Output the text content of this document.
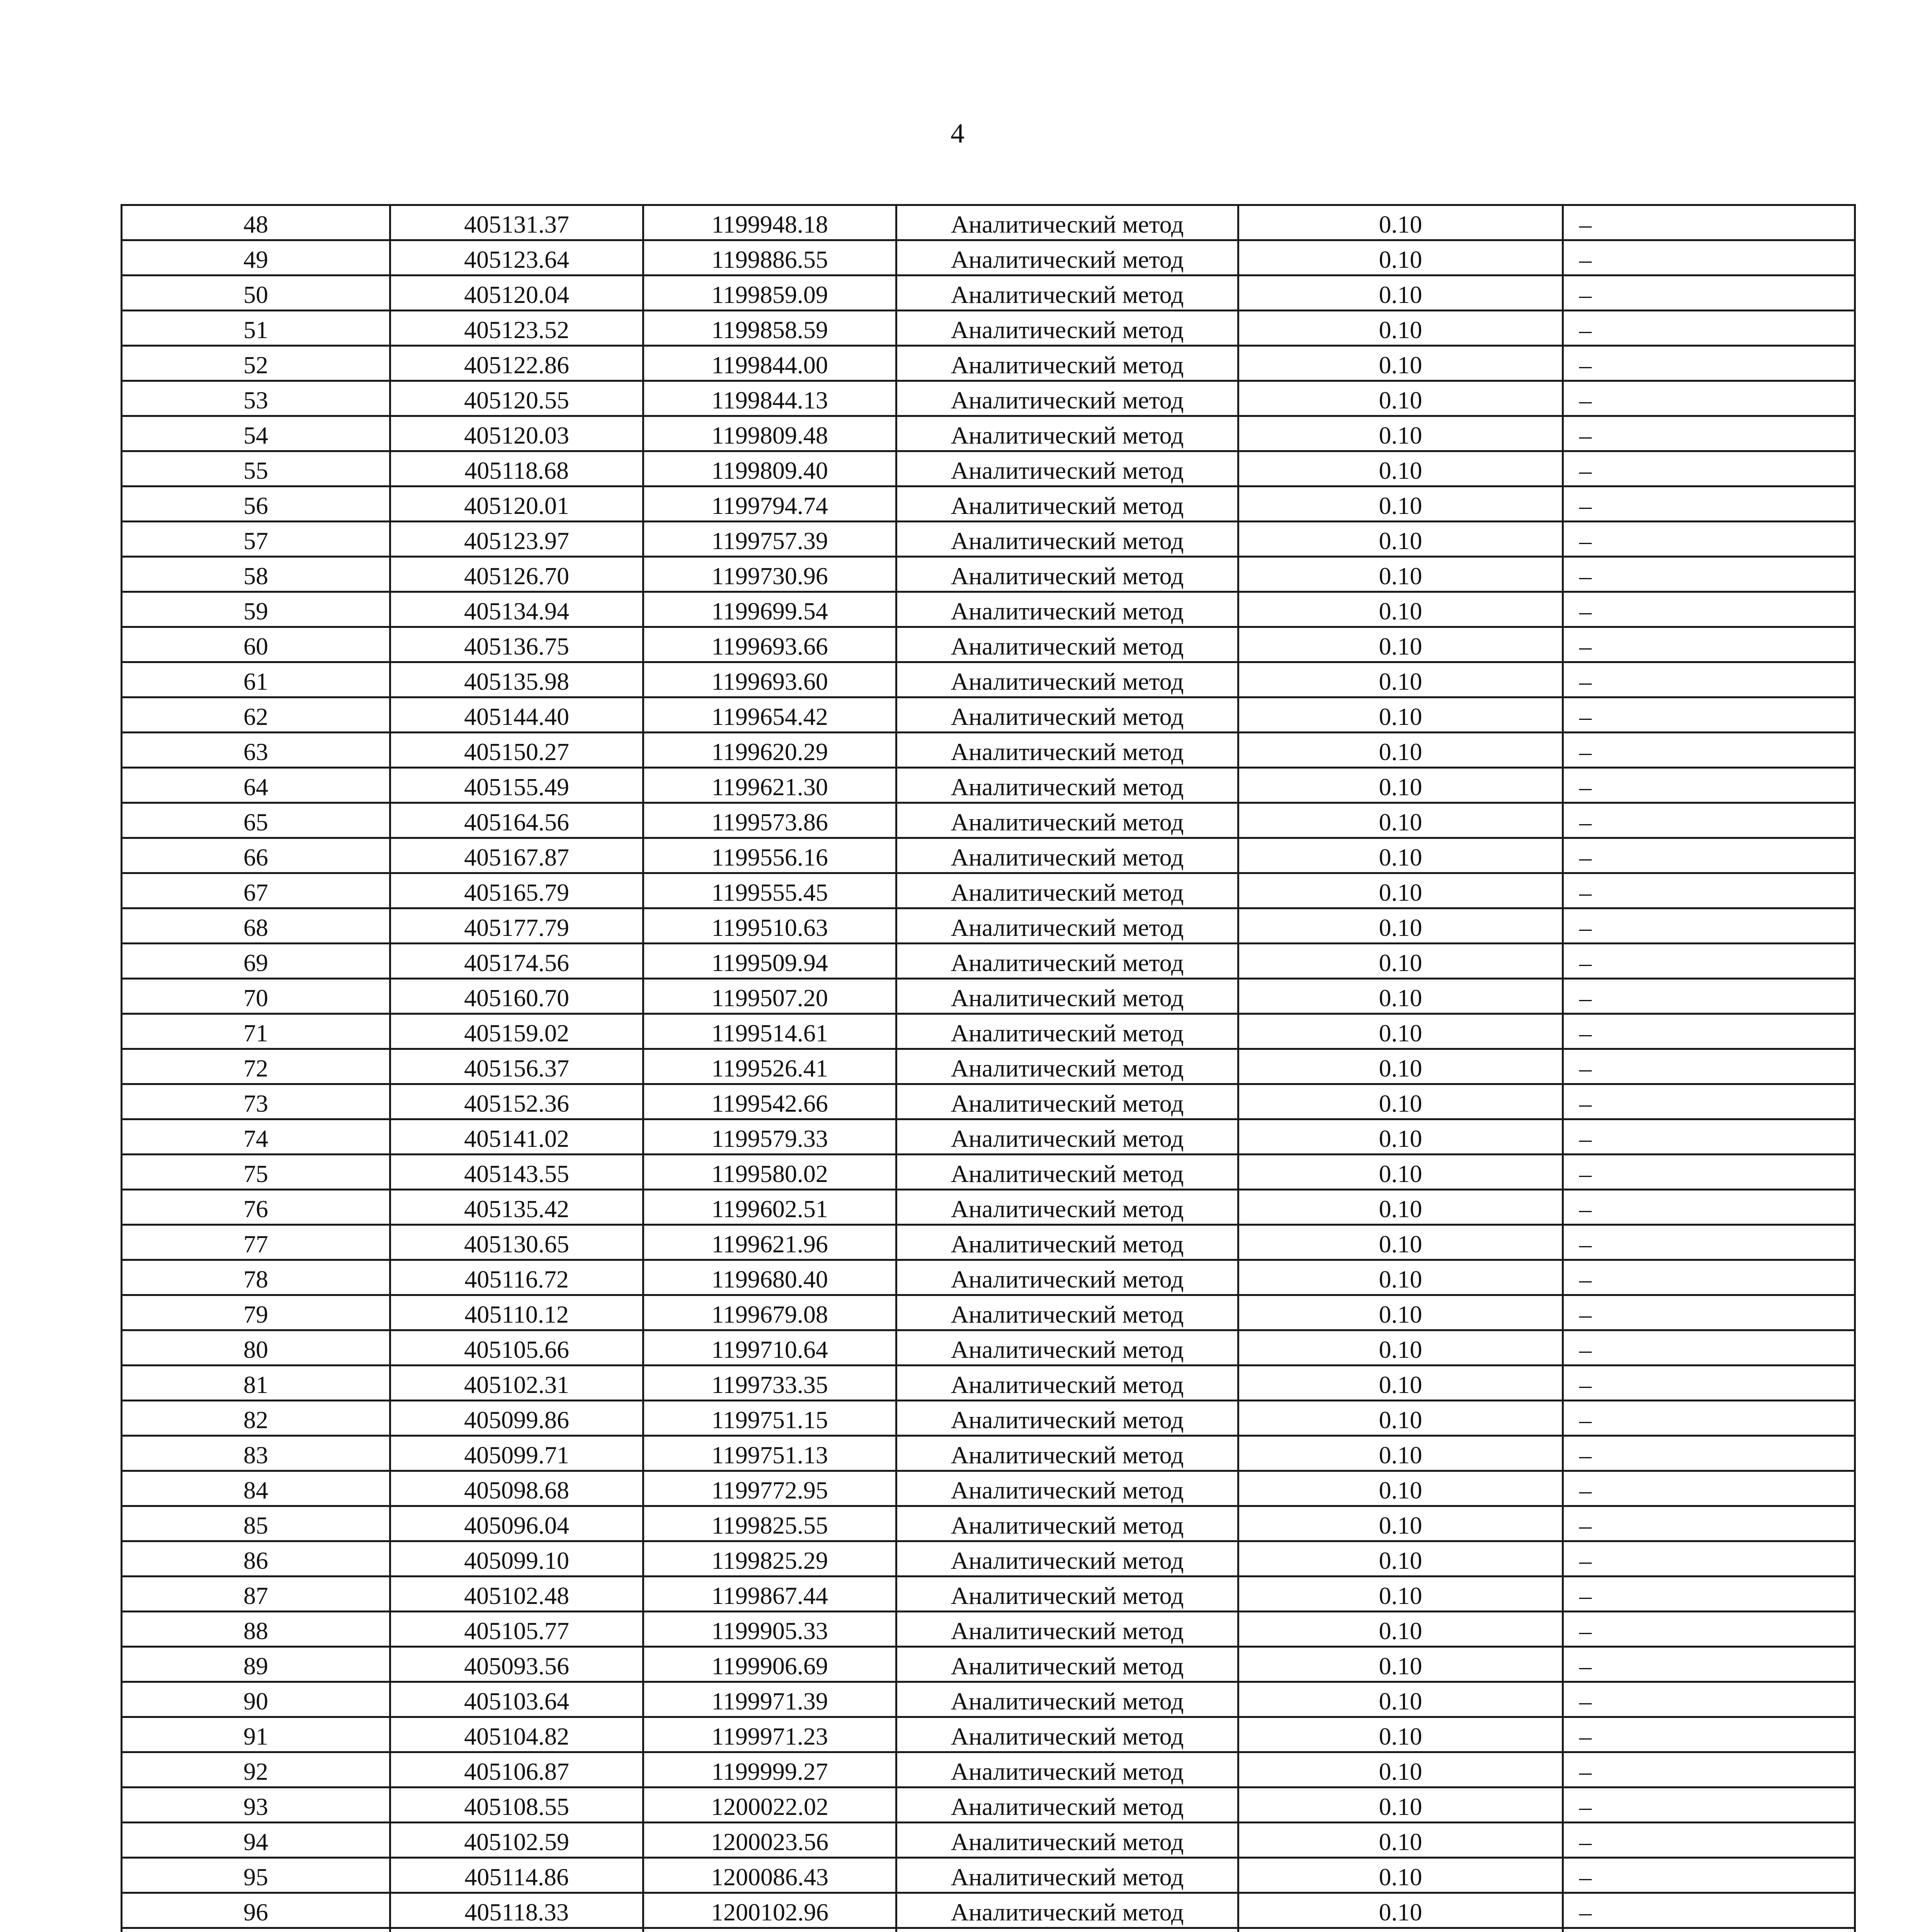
4
48	405131.37	1199948.18	Аналитический метод	0.10	–
49	405123.64	1199886.55	Аналитический метод	0.10	–
50	405120.04	1199859.09	Аналитический метод	0.10	–
51	405123.52	1199858.59	Аналитический метод	0.10	–
52	405122.86	1199844.00	Аналитический метод	0.10	–
53	405120.55	1199844.13	Аналитический метод	0.10	–
54	405120.03	1199809.48	Аналитический метод	0.10	–
55	405118.68	1199809.40	Аналитический метод	0.10	–
56	405120.01	1199794.74	Аналитический метод	0.10	–
57	405123.97	1199757.39	Аналитический метод	0.10	–
58	405126.70	1199730.96	Аналитический метод	0.10	–
59	405134.94	1199699.54	Аналитический метод	0.10	–
60	405136.75	1199693.66	Аналитический метод	0.10	–
61	405135.98	1199693.60	Аналитический метод	0.10	–
62	405144.40	1199654.42	Аналитический метод	0.10	–
63	405150.27	1199620.29	Аналитический метод	0.10	–
64	405155.49	1199621.30	Аналитический метод	0.10	–
65	405164.56	1199573.86	Аналитический метод	0.10	–
66	405167.87	1199556.16	Аналитический метод	0.10	–
67	405165.79	1199555.45	Аналитический метод	0.10	–
68	405177.79	1199510.63	Аналитический метод	0.10	–
69	405174.56	1199509.94	Аналитический метод	0.10	–
70	405160.70	1199507.20	Аналитический метод	0.10	–
71	405159.02	1199514.61	Аналитический метод	0.10	–
72	405156.37	1199526.41	Аналитический метод	0.10	–
73	405152.36	1199542.66	Аналитический метод	0.10	–
74	405141.02	1199579.33	Аналитический метод	0.10	–
75	405143.55	1199580.02	Аналитический метод	0.10	–
76	405135.42	1199602.51	Аналитический метод	0.10	–
77	405130.65	1199621.96	Аналитический метод	0.10	–
78	405116.72	1199680.40	Аналитический метод	0.10	–
79	405110.12	1199679.08	Аналитический метод	0.10	–
80	405105.66	1199710.64	Аналитический метод	0.10	–
81	405102.31	1199733.35	Аналитический метод	0.10	–
82	405099.86	1199751.15	Аналитический метод	0.10	–
83	405099.71	1199751.13	Аналитический метод	0.10	–
84	405098.68	1199772.95	Аналитический метод	0.10	–
85	405096.04	1199825.55	Аналитический метод	0.10	–
86	405099.10	1199825.29	Аналитический метод	0.10	–
87	405102.48	1199867.44	Аналитический метод	0.10	–
88	405105.77	1199905.33	Аналитический метод	0.10	–
89	405093.56	1199906.69	Аналитический метод	0.10	–
90	405103.64	1199971.39	Аналитический метод	0.10	–
91	405104.82	1199971.23	Аналитический метод	0.10	–
92	405106.87	1199999.27	Аналитический метод	0.10	–
93	405108.55	1200022.02	Аналитический метод	0.10	–
94	405102.59	1200023.56	Аналитический метод	0.10	–
95	405114.86	1200086.43	Аналитический метод	0.10	–
96	405118.33	1200102.96	Аналитический метод	0.10	–
